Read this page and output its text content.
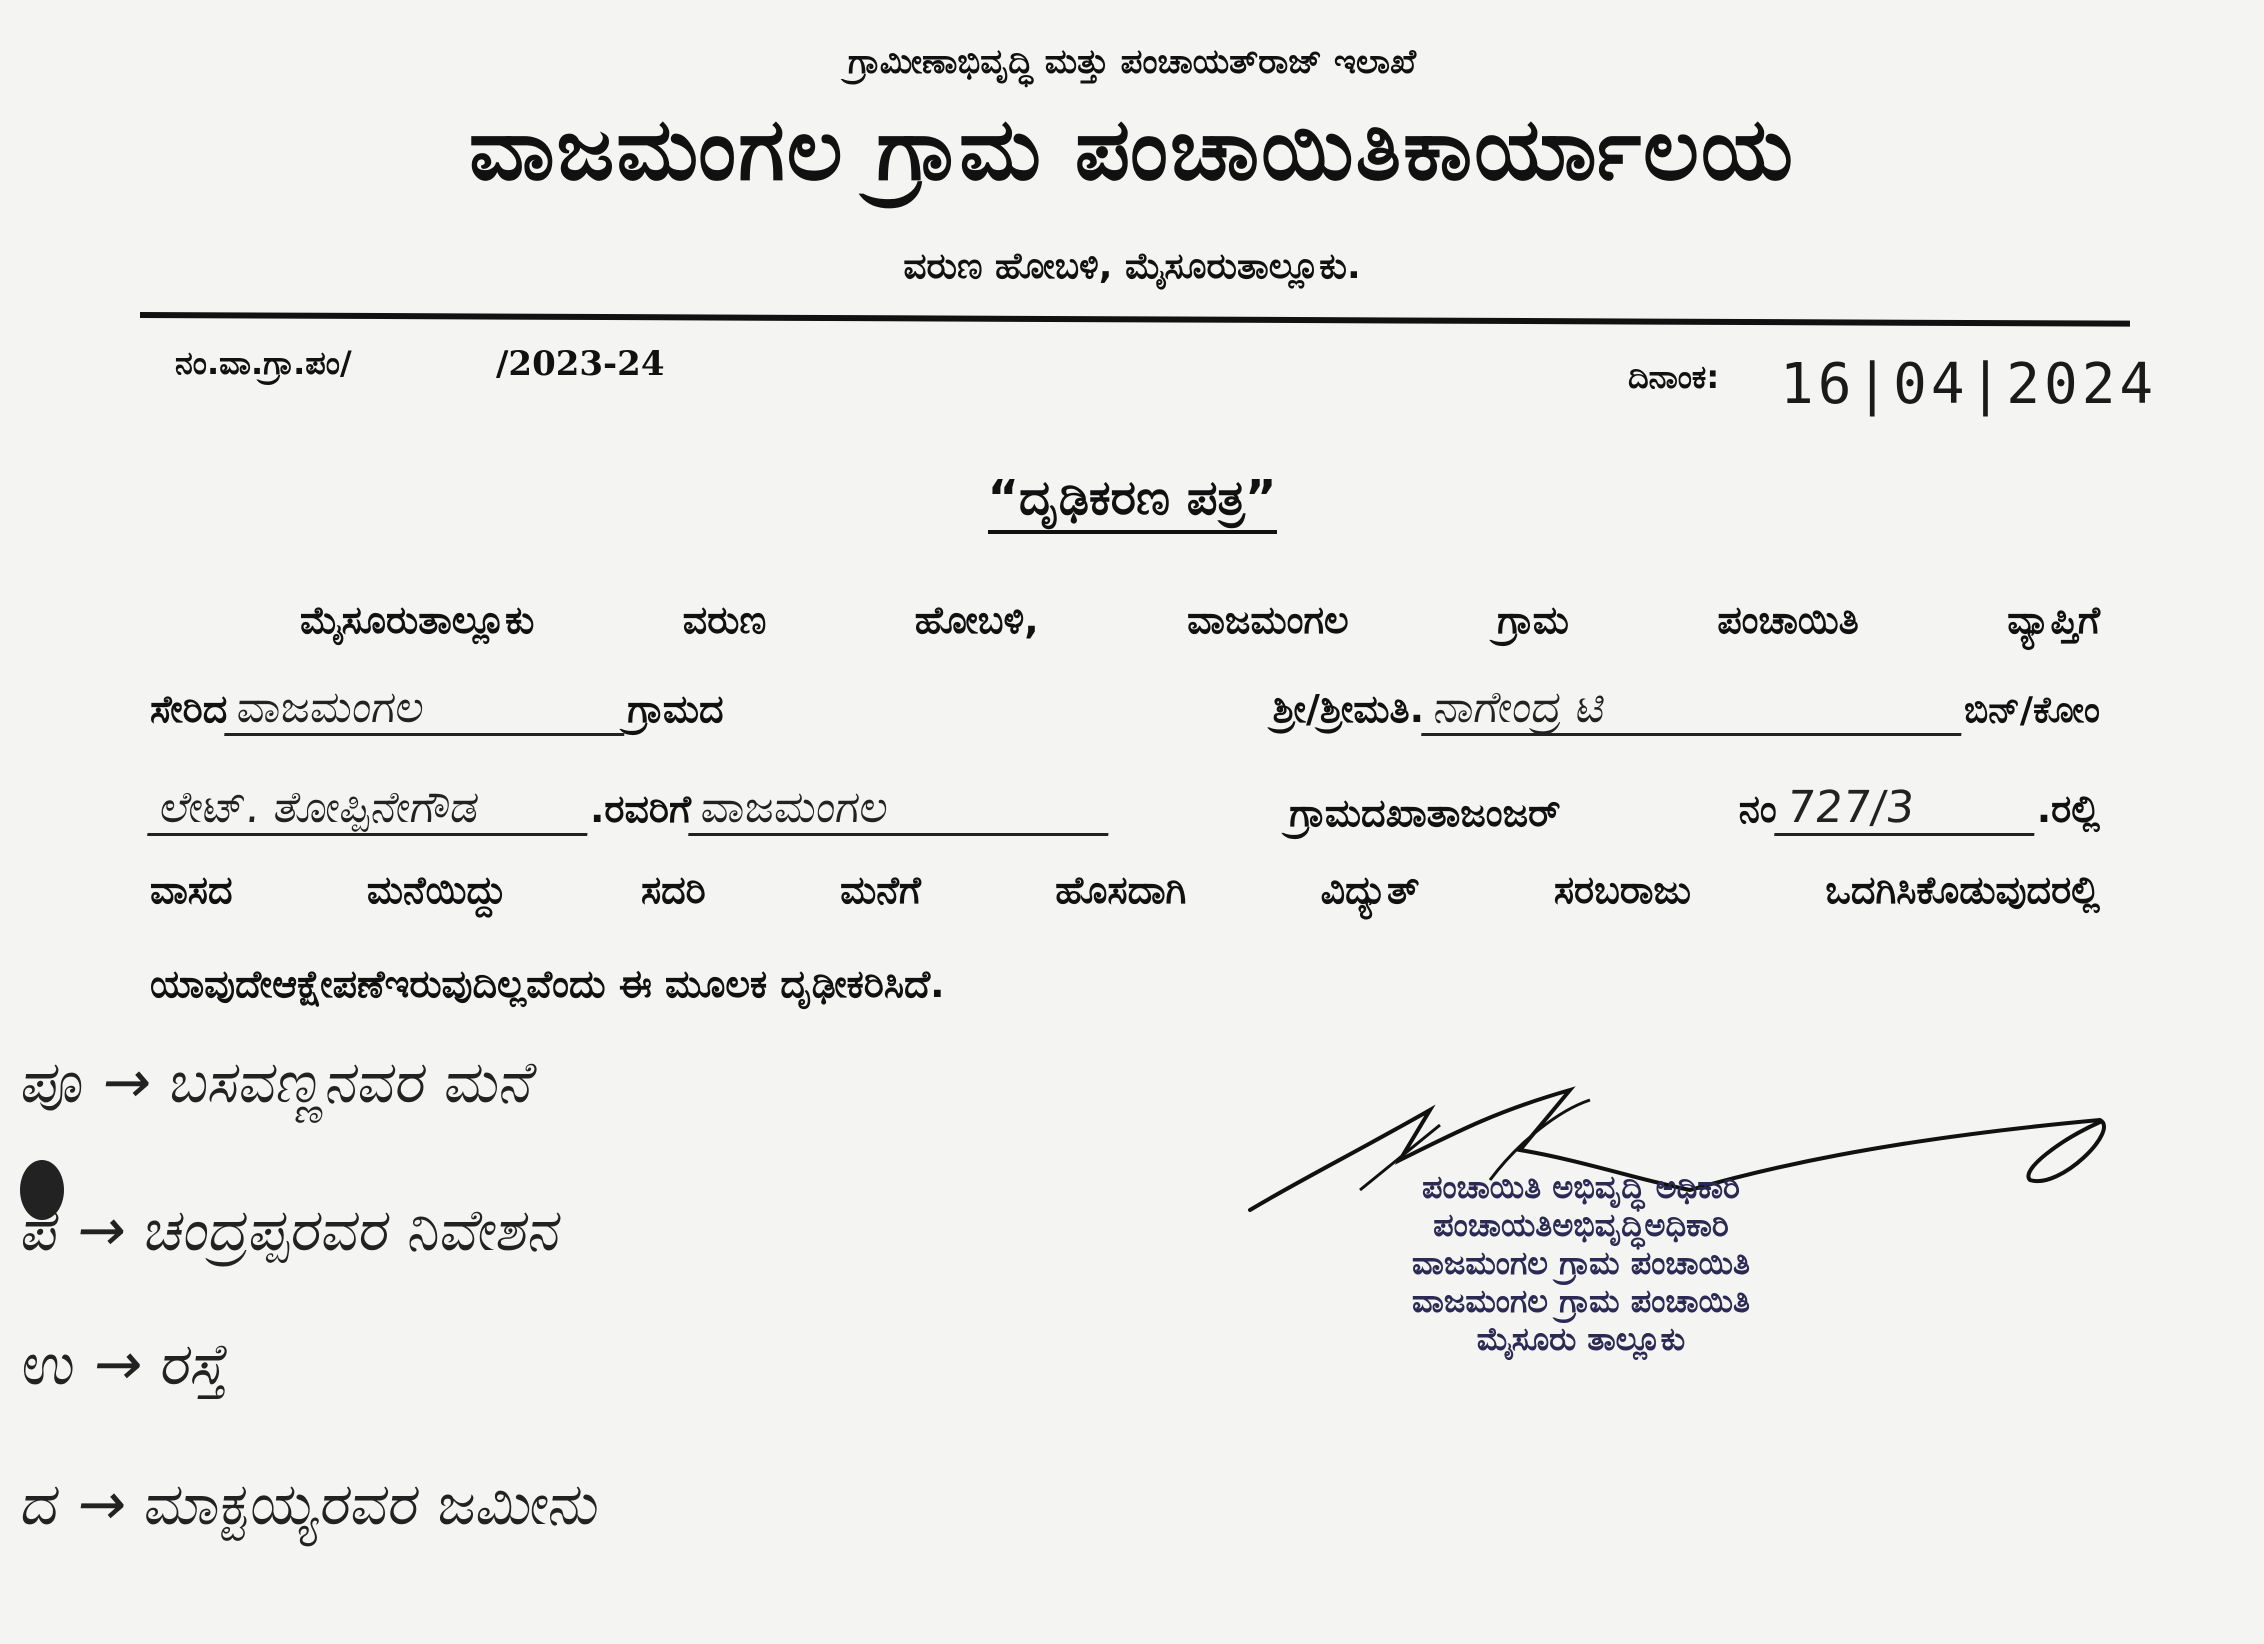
ಗ್ರಾಮೀಣಾಭಿವೃದ್ಧಿ ಮತ್ತು ಪಂಚಾಯತ್‌ರಾಜ್ ಇಲಾಖೆ
ವಾಜಮಂಗಲ ಗ್ರಾಮ ಪಂಚಾಯಿತಿಕಾರ್ಯಾಲಯ
ವರುಣ ಹೋಬಳಿ, ಮೈಸೂರುತಾಲ್ಲೂಕು.
ನಂ.ವಾ.ಗ್ರಾ.ಪಂ/	/2023-24	ದಿನಾಂಕ: 16|04|2024
“ದೃಢಿಕರಣ ಪತ್ರ”
ಮೈಸೂರುತಾಲ್ಲೂಕು	ವರುಣ	ಹೋಬಳಿ,	ವಾಜಮಂಗಲ	ಗ್ರಾಮ	ಪಂಚಾಯಿತಿ	ವ್ಯಾಪ್ತಿಗೆ
ಸೇರಿದ ವಾಜಮಂಗಲ	ಗ್ರಾಮದ	ಶ್ರೀ/ಶ್ರೀಮತಿ. ನಾಗೇಂದ್ರ ಟಿ	ಬಿನ್/ಕೋಂ
ಲೇಟ್. ತೋಪ್ಪಿನೇಗೌಡ	.ರವರಿಗೆ ವಾಜಮಂಗಲ	ಗ್ರಾಮದಖಾತಾಜಂಜರ್	ನಂ 727/3	.ರಲ್ಲಿ
ವಾಸದ	ಮನೆಯಿದ್ದು	ಸದರಿ	ಮನೆಗೆ	ಹೊಸದಾಗಿ	ವಿದ್ಯುತ್	ಸರಬರಾಜು	ಒದಗಿಸಿಕೊಡುವುದರಲ್ಲಿ
ಯಾವುದೇಆಕ್ಷೇಪಣೆಇರುವುದಿಲ್ಲವೆಂದು ಈ ಮೂಲಕ ದೃಢೀಕರಿಸಿದೆ.
ಪೂ → ಬಸವಣ್ಣನವರ ಮನೆ
ಪ → ಚಂದ್ರಪ್ಪರವರ ನಿವೇಶನ
ಉ → ರಸ್ತೆ
ದ → ಮಾಕ್ಟಯ್ಯರವರ ಜಮೀನು
ಪಂಚಾಯಿತಿ ಅಭಿವೃದ್ಧಿ ಅಧಿಕಾರಿ
ಪಂಚಾಯತಿಅಭಿವೃದ್ಧಿಅಧಿಕಾರಿ
ವಾಜಮಂಗಲ ಗ್ರಾಮ ಪಂಚಾಯಿತಿ
ವಾಜಮಂಗಲ ಗ್ರಾಮ ಪಂಚಾಯಿತಿ
ಮೈಸೂರು ತಾಲ್ಲೂಕು
